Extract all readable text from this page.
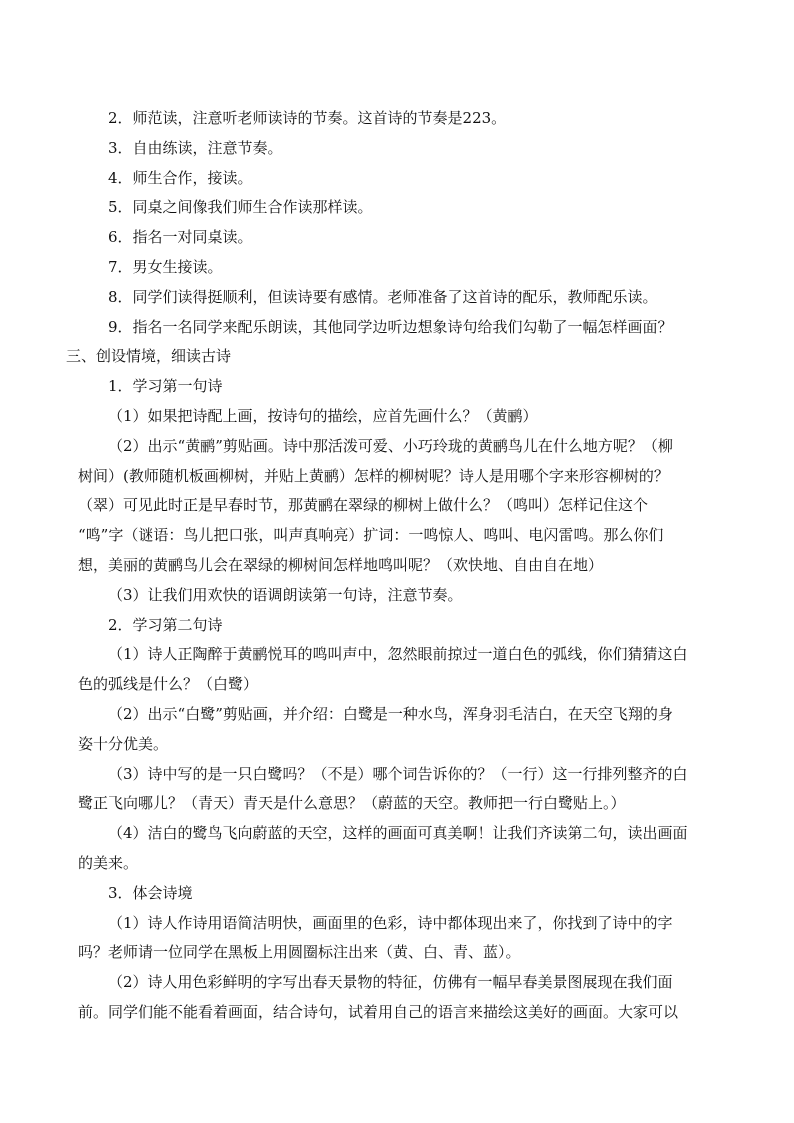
2．师范读，注意听老师读诗的节奏。这首诗的节奏是223。
3．自由练读，注意节奏。
4．师生合作，接读。
5．同桌之间像我们师生合作读那样读。
6．指名一对同桌读。
7．男女生接读。
8．同学们读得挺顺利，但读诗要有感情。老师准备了这首诗的配乐，教师配乐读。
9．指名一名同学来配乐朗读，其他同学边听边想象诗句给我们勾勒了一幅怎样画面？
三、创设情境，细读古诗
1．学习第一句诗
（1）如果把诗配上画，按诗句的描绘，应首先画什么？（黄鹂）
（2）出示“黄鹂”剪贴画。诗中那活泼可爱、小巧玲珑的黄鹂鸟儿在什么地方呢？（柳
树间）(教师随机板画柳树，并贴上黄鹂）怎样的柳树呢？诗人是用哪个字来形容柳树的？
（翠）可见此时正是早春时节，那黄鹂在翠绿的柳树上做什么？（鸣叫）怎样记住这个
“鸣”字（谜语：鸟儿把口张，叫声真响亮）扩词：一鸣惊人、鸣叫、电闪雷鸣。那么你们
想，美丽的黄鹂鸟儿会在翠绿的柳树间怎样地鸣叫呢？（欢快地、自由自在地）
（3）让我们用欢快的语调朗读第一句诗，注意节奏。
2．学习第二句诗
（1）诗人正陶醉于黄鹂悦耳的鸣叫声中，忽然眼前掠过一道白色的弧线，你们猜猜这白
色的弧线是什么？（白鹭）
（2）出示“白鹭”剪贴画，并介绍：白鹭是一种水鸟，浑身羽毛洁白，在天空飞翔的身
姿十分优美。
（3）诗中写的是一只白鹭吗？（不是）哪个词告诉你的？（一行）这一行排列整齐的白
鹭正飞向哪儿？（青天）青天是什么意思？（蔚蓝的天空。教师把一行白鹭贴上。）
（4）洁白的鹭鸟飞向蔚蓝的天空，这样的画面可真美啊！让我们齐读第二句，读出画面
的美来。
3．体会诗境
（1）诗人作诗用语简洁明快，画面里的色彩，诗中都体现出来了，你找到了诗中的字
吗？老师请一位同学在黑板上用圆圈标注出来（黄、白、青、蓝）。
（2）诗人用色彩鲜明的字写出春天景物的特征，仿佛有一幅早春美景图展现在我们面
前。同学们能不能看着画面，结合诗句，试着用自己的语言来描绘这美好的画面。大家可以
